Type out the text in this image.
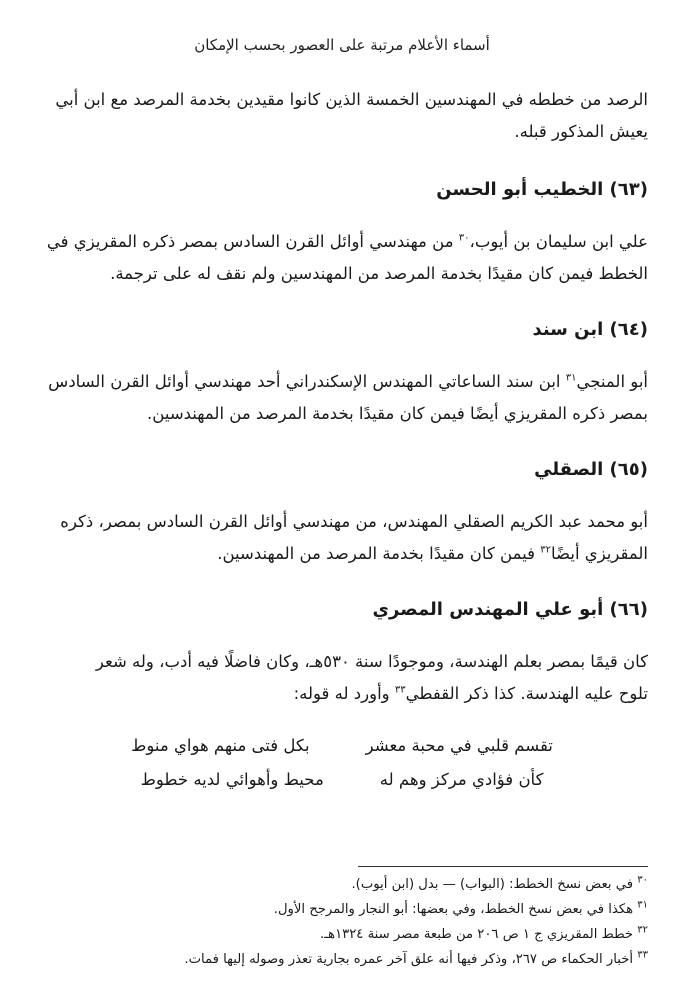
أسماء الأعلام مرتبة على العصور بحسب الإمكان

الرصد من خططه في المهندسين الخمسة الذين كانوا مقيدين بخدمة المرصد مع ابن أبي

يعيش المذكور قبله.

(٦٣) الخطيب أبو الحسن

علي ابن سليمان بن أيوب،$^{٣٠}$ من مهندسي أوائل القرن السادس بمصر ذكره المقريزي في

الخطط فيمن كان مقيدًا بخدمة المرصد من المهندسين ولم نقف له على ترجمة.

(٦٤) ابن سند

أبو المنجي$^{٣١}$ ابن سند الساعاتي المهندس الإسكندراني أحد مهندسي أوائل القرن السادس

بمصر ذكره المقريزي أيضًا فيمن كان مقيدًا بخدمة المرصد من المهندسين.

(٦٥) الصقلي

أبو محمد عبد الكريم الصقلي المهندس، من مهندسي أوائل القرن السادس بمصر، ذكره

المقريزي أيضًا$^{٣٢}$ فيمن كان مقيدًا بخدمة المرصد من المهندسين.

(٦٦) أبو علي المهندس المصري

كان قيمًا بمصر بعلم الهندسة، وموجودًا سنة ٥٣٠هـ، وكان فاضلًا فيه أدب، وله شعر

تلوح عليه الهندسة. كذا ذكر القفطي$^{٣٣}$ وأورد له قوله:

تقسم قلبي في محبة معشر
بكل فتى منهم هواي منوط
كأن فؤادي مركز وهم له
محيط وأهوائي لديه خطوط
$^{٣٠}$ في بعض نسخ الخطط: (البواب) — بدل (ابن أيوب).
$^{٣١}$ هكذا في بعض نسخ الخطط، وفي بعضها: أبو النجار والمرجح الأول.
$^{٣٢}$ خطط المقريزي ج ١ ص ٢٠٦ من طبعة مصر سنة ١٣٢٤هـ.
$^{٣٣}$ أخبار الحكماء ص ٢٦٧، وذكر فيها أنه علق آخر عمره بجارية تعذر وصوله إليها فمات.
